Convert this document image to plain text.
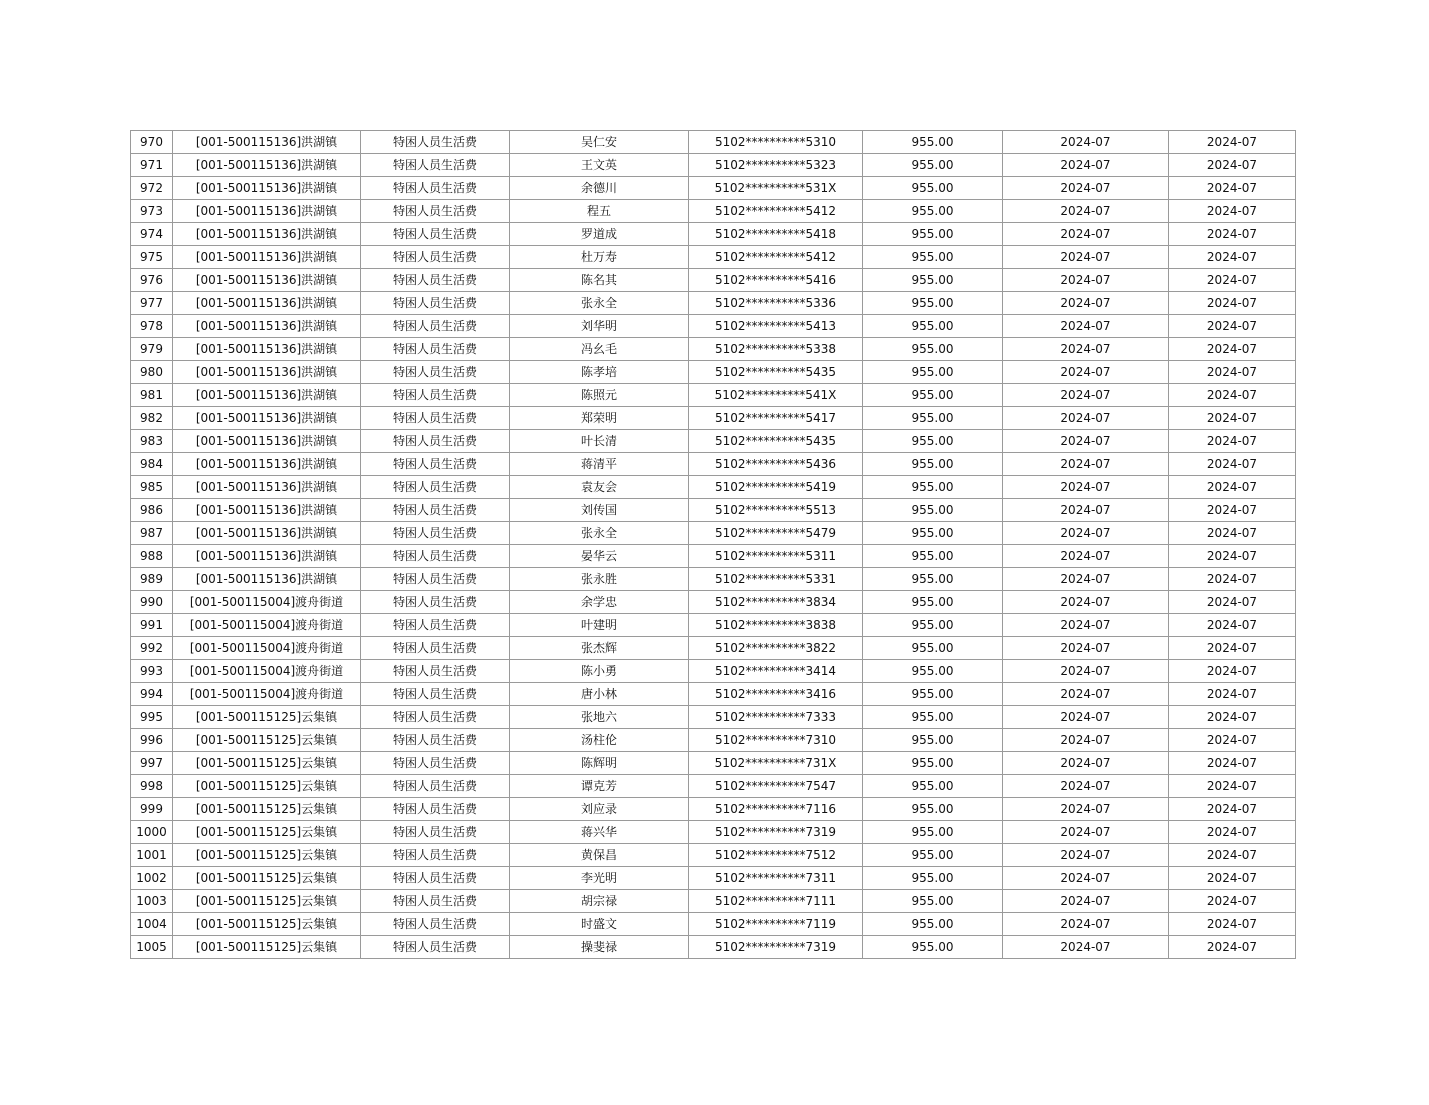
970	[001-500115136]洪湖镇	特困人员生活费	吴仁安	5102**********5310	955.00	2024-07	2024-07
971	[001-500115136]洪湖镇	特困人员生活费	王文英	5102**********5323	955.00	2024-07	2024-07
972	[001-500115136]洪湖镇	特困人员生活费	余德川	5102**********531X	955.00	2024-07	2024-07
973	[001-500115136]洪湖镇	特困人员生活费	程五	5102**********5412	955.00	2024-07	2024-07
974	[001-500115136]洪湖镇	特困人员生活费	罗道成	5102**********5418	955.00	2024-07	2024-07
975	[001-500115136]洪湖镇	特困人员生活费	杜万寿	5102**********5412	955.00	2024-07	2024-07
976	[001-500115136]洪湖镇	特困人员生活费	陈名其	5102**********5416	955.00	2024-07	2024-07
977	[001-500115136]洪湖镇	特困人员生活费	张永全	5102**********5336	955.00	2024-07	2024-07
978	[001-500115136]洪湖镇	特困人员生活费	刘华明	5102**********5413	955.00	2024-07	2024-07
979	[001-500115136]洪湖镇	特困人员生活费	冯幺毛	5102**********5338	955.00	2024-07	2024-07
980	[001-500115136]洪湖镇	特困人员生活费	陈孝培	5102**********5435	955.00	2024-07	2024-07
981	[001-500115136]洪湖镇	特困人员生活费	陈照元	5102**********541X	955.00	2024-07	2024-07
982	[001-500115136]洪湖镇	特困人员生活费	郑荣明	5102**********5417	955.00	2024-07	2024-07
983	[001-500115136]洪湖镇	特困人员生活费	叶长清	5102**********5435	955.00	2024-07	2024-07
984	[001-500115136]洪湖镇	特困人员生活费	蒋清平	5102**********5436	955.00	2024-07	2024-07
985	[001-500115136]洪湖镇	特困人员生活费	袁友会	5102**********5419	955.00	2024-07	2024-07
986	[001-500115136]洪湖镇	特困人员生活费	刘传国	5102**********5513	955.00	2024-07	2024-07
987	[001-500115136]洪湖镇	特困人员生活费	张永全	5102**********5479	955.00	2024-07	2024-07
988	[001-500115136]洪湖镇	特困人员生活费	晏华云	5102**********5311	955.00	2024-07	2024-07
989	[001-500115136]洪湖镇	特困人员生活费	张永胜	5102**********5331	955.00	2024-07	2024-07
990	[001-500115004]渡舟街道	特困人员生活费	余学忠	5102**********3834	955.00	2024-07	2024-07
991	[001-500115004]渡舟街道	特困人员生活费	叶建明	5102**********3838	955.00	2024-07	2024-07
992	[001-500115004]渡舟街道	特困人员生活费	张杰辉	5102**********3822	955.00	2024-07	2024-07
993	[001-500115004]渡舟街道	特困人员生活费	陈小勇	5102**********3414	955.00	2024-07	2024-07
994	[001-500115004]渡舟街道	特困人员生活费	唐小林	5102**********3416	955.00	2024-07	2024-07
995	[001-500115125]云集镇	特困人员生活费	张地六	5102**********7333	955.00	2024-07	2024-07
996	[001-500115125]云集镇	特困人员生活费	汤柱伦	5102**********7310	955.00	2024-07	2024-07
997	[001-500115125]云集镇	特困人员生活费	陈辉明	5102**********731X	955.00	2024-07	2024-07
998	[001-500115125]云集镇	特困人员生活费	谭克芳	5102**********7547	955.00	2024-07	2024-07
999	[001-500115125]云集镇	特困人员生活费	刘应录	5102**********7116	955.00	2024-07	2024-07
1000	[001-500115125]云集镇	特困人员生活费	蒋兴华	5102**********7319	955.00	2024-07	2024-07
1001	[001-500115125]云集镇	特困人员生活费	黄保昌	5102**********7512	955.00	2024-07	2024-07
1002	[001-500115125]云集镇	特困人员生活费	李光明	5102**********7311	955.00	2024-07	2024-07
1003	[001-500115125]云集镇	特困人员生活费	胡宗禄	5102**********7111	955.00	2024-07	2024-07
1004	[001-500115125]云集镇	特困人员生活费	时盛文	5102**********7119	955.00	2024-07	2024-07
1005	[001-500115125]云集镇	特困人员生活费	操斐禄	5102**********7319	955.00	2024-07	2024-07
